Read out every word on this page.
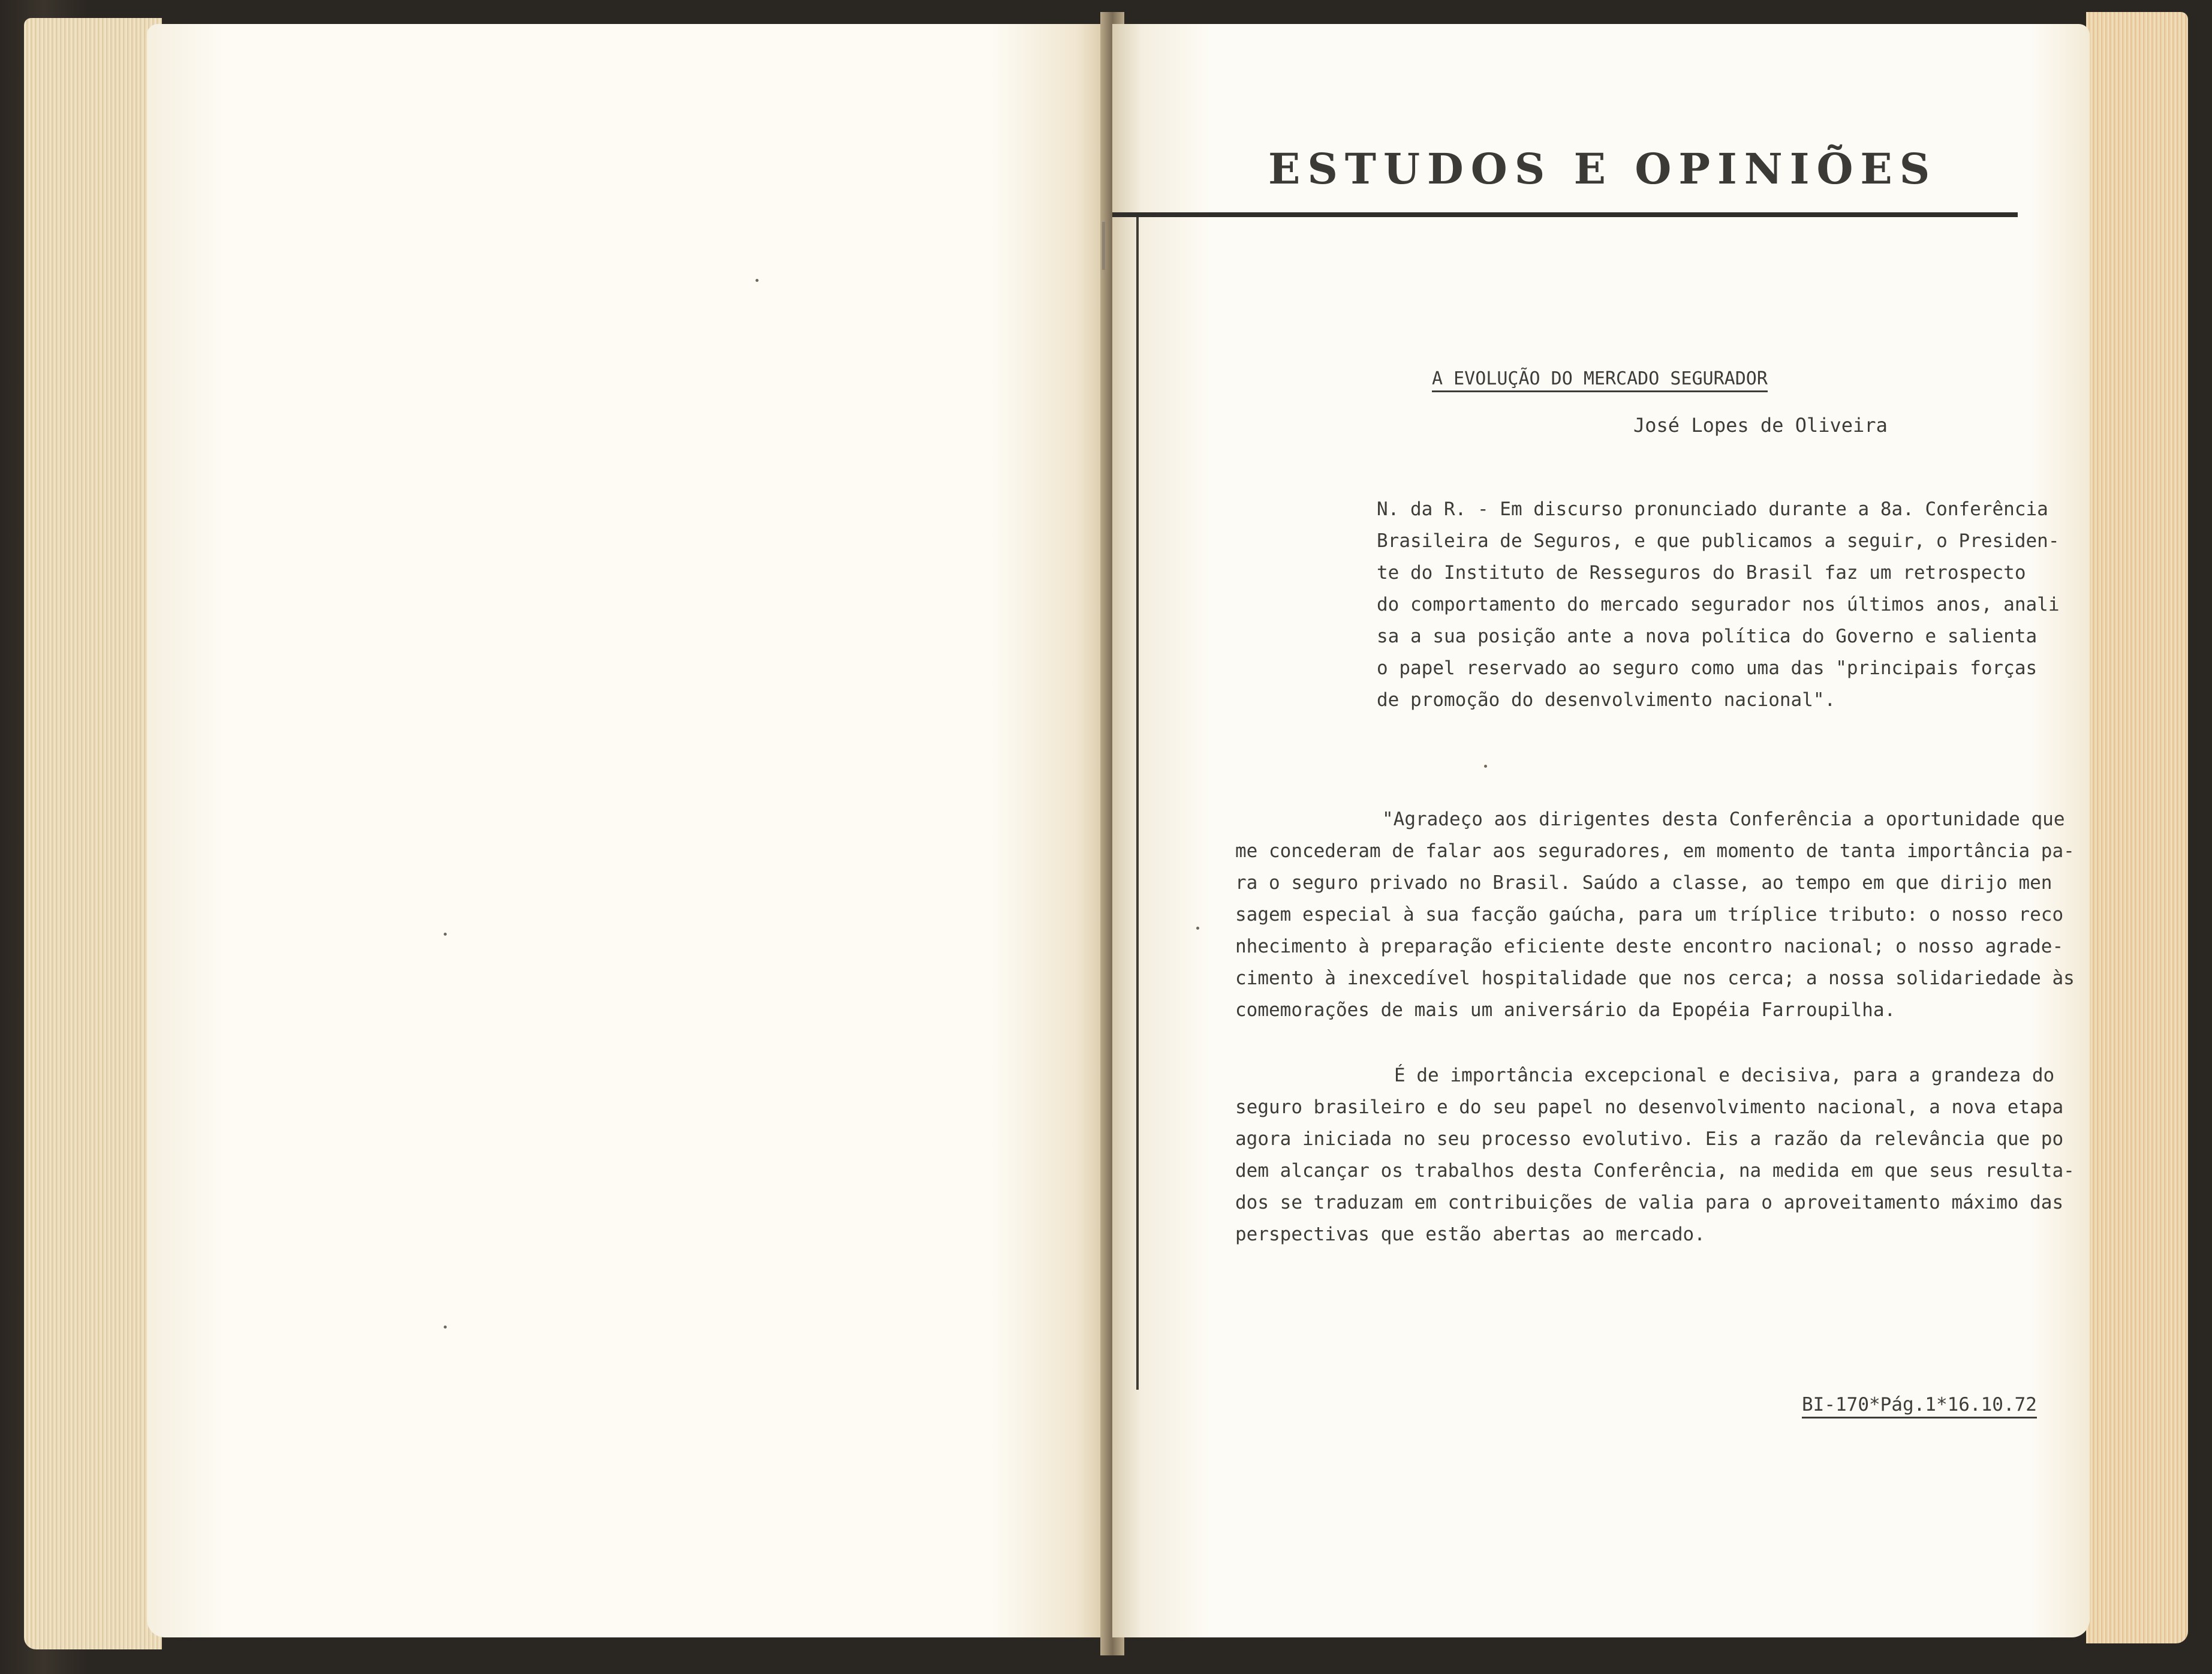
ESTUDOS E OPINIÕES
A EVOLUÇÃO DO MERCADO SEGURADOR
José Lopes de Oliveira
N. da R. - Em discurso pronunciado durante a 8a. Conferência
Brasileira de Seguros, e que publicamos a seguir, o Presiden-
te do Instituto de Resseguros do Brasil faz um retrospecto
do comportamento do mercado segurador nos últimos anos, anali
sa a sua posição ante a nova política do Governo e salienta
o papel reservado ao seguro como uma das "principais forças
de promoção do desenvolvimento nacional".
"Agradeço aos dirigentes desta Conferência a oportunidade que
me concederam de falar aos seguradores, em momento de tanta importância pa-
ra o seguro privado no Brasil. Saúdo a classe, ao tempo em que dirijo men
sagem especial à sua facção gaúcha, para um tríplice tributo: o nosso reco
nhecimento à preparação eficiente deste encontro nacional; o nosso agrade-
cimento à inexcedível hospitalidade que nos cerca; a nossa solidariedade às
comemorações de mais um aniversário da Epopéia Farroupilha.
É de importância excepcional e decisiva, para a grandeza do
seguro brasileiro e do seu papel no desenvolvimento nacional, a nova etapa
agora iniciada no seu processo evolutivo. Eis a razão da relevância que po
dem alcançar os trabalhos desta Conferência, na medida em que seus resulta-
dos se traduzam em contribuições de valia para o aproveitamento máximo das
perspectivas que estão abertas ao mercado.
BI-170*Pág.1*16.10.72
